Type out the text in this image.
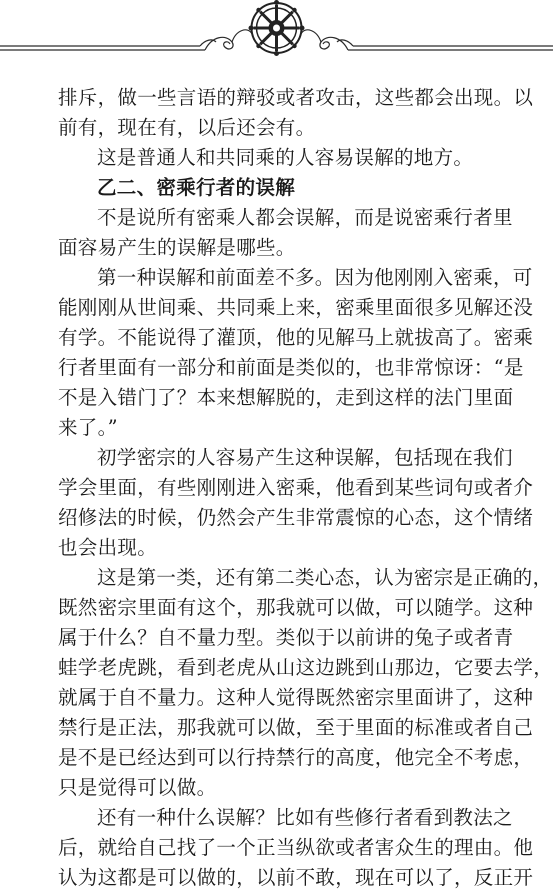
排斥，做一些言语的辩驳或者攻击，这些都会出现。以
前有，现在有，以后还会有。
这是普通人和共同乘的人容易误解的地方。
乙二、密乘行者的误解
不是说所有密乘人都会误解，而是说密乘行者里
面容易产生的误解是哪些。
第一种误解和前面差不多。因为他刚刚入密乘，可
能刚刚从世间乘、共同乘上来，密乘里面很多见解还没
有学。不能说得了灌顶，他的见解马上就拔高了。密乘
行者里面有一部分和前面是类似的，也非常惊讶：“是
不是入错门了？本来想解脱的，走到这样的法门里面
来了。”
初学密宗的人容易产生这种误解，包括现在我们
学会里面，有些刚刚进入密乘，他看到某些词句或者介
绍修法的时候，仍然会产生非常震惊的心态，这个情绪
也会出现。
这是第一类，还有第二类心态，认为密宗是正确的，
既然密宗里面有这个，那我就可以做，可以随学。这种
属于什么？自不量力型。类似于以前讲的兔子或者青
蛙学老虎跳，看到老虎从山这边跳到山那边，它要去学，
就属于自不量力。这种人觉得既然密宗里面讲了，这种
禁行是正法，那我就可以做，至于里面的标准或者自己
是不是已经达到可以行持禁行的高度，他完全不考虑，
只是觉得可以做。
还有一种什么误解？比如有些修行者看到教法之
后，就给自己找了一个正当纵欲或者害众生的理由。他
认为这都是可以做的，以前不敢，现在可以了，反正开
